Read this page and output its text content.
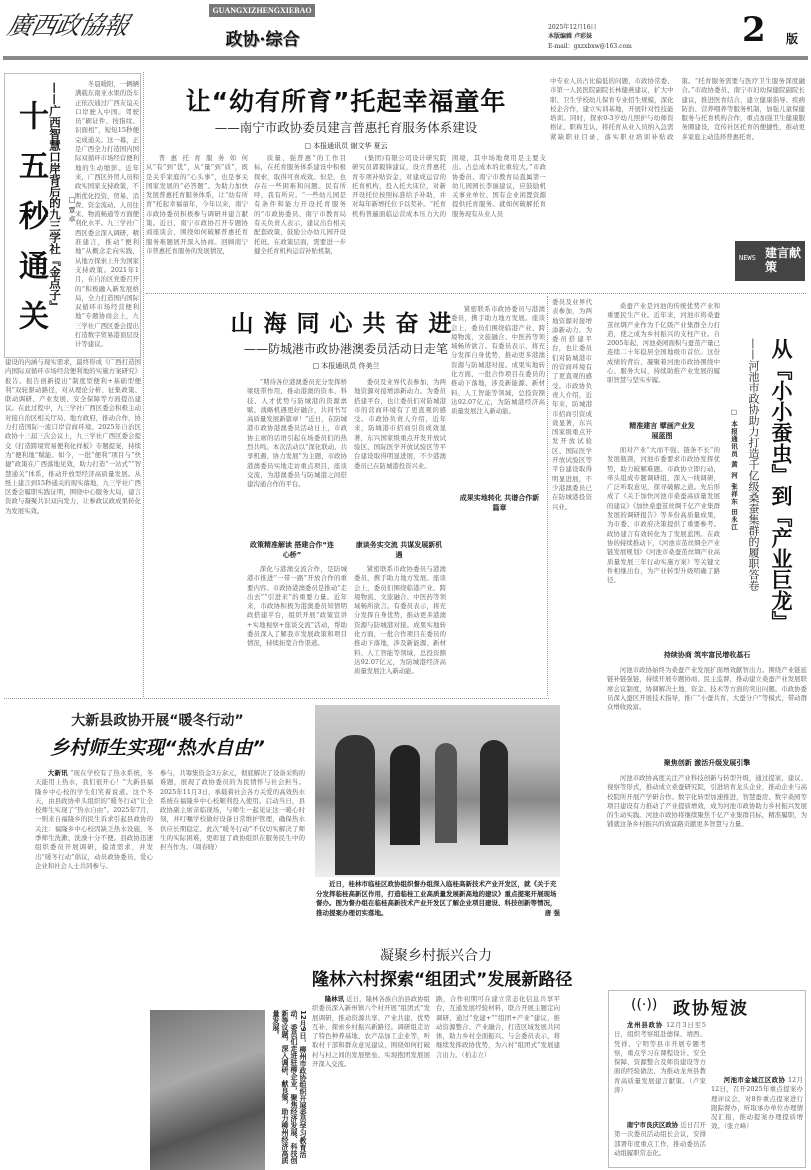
廣西政協報
GUANGXIZHENGXIEBAO
政协·综合
2025年12月16日
本版编辑 卢彩妹
E-mail：gxzxbxw@163.com	2 版
十五秒通关 ——广西智慧口岸背后的九三学社『金点子』 □ 覃 卓
冬晨暖阳，一辆辆满载东南亚水果的货车正依次通过广西友谊关口岸驶入中国。驾驶员“刷证件、按指纹、识面相”，短短15秒便完成通关。这一幕，正是广西全力打造国内国际双循环市场经营便利地的生动缩影。近年来，广西区外贸人员和政实国家支持政策，不断优化投资、贸易、消费、资金流动、人员往来、物流畅通等方面便利化水平。九三学社广西区委会深入调研，精准建言，推动“便利地”从概念走向实践，从地方探索上升为国家支持政策。2021年1月，在自治区党委召开的“积极融入新发展格局，全力打造国内国际双循环市场经营便利地”专题协商会上，九三学社广西区委会提出打造数字贸易港顶层设计等建议。
建设的内涵与现实需求，最终形成《广西打造国内国际双循环市场经营便利地的实施方案研究》报告。报告创新提出“制度型便利+基础型便利”双轮驱动路径，对从理论分析、征集政策、联动调研、产业发展、安全保障等方面提出建议。在此过程中，九三学社广西区委会积极主动对接自治区相关厅局、地方政府，推动合作，协力打造国际一流口岸营商环境。2025年自治区政协十三届三次会议上，九三学社广西区委会提交《打造跨境贸易便利化样板》专题提案，持续为“便利地”赋能。如今，一批“便利”项目与“快捷”政策在广西落地见效，助力打造“一站式”“智慧通关”体系，推动开放型经济高质量发展。从纸上建言到15秒通关的现实落地，九三学社广西区委会履职实践证明，围绕中心服务大局，建言资政与凝聚共识双向发力，让参政议政成果转化为发展实效。
让“幼有所育”托起幸福童年
——南宁市政协委员建言普惠托育服务体系建设
□ 本报通讯员 谢文华 夏云
普惠托育服务如何从“有”到“优”，从“量”到“质”，既是关乎家庭的“心头事”，也是事关国家发展的“必答题”。为助力加快发展普惠托育服务体系，让“幼有所育”托起幸福童年，今年以来，南宁市政协委员积极参与调研并建言献策。近日，南宁市政协召开专题协商座谈会，围绕如何破解普惠托育服务难题展开深入协商。回顾南宁市普惠托育服务的发展情况，
质量、强普惠”的工作目标，在托育服务体系建设中积极探索，取得可喜成效。但是，也存在一些困难和问题。民有所呼，我有所应。“一些幼儿园是有条件和能力开设托育服务的”市政协委员、南宁市教育局有关负责人表示，建议出台相关配套政策，鼓励公办幼儿园开设托班。在政策层面，需要进一步健全托育机构运营补贴机制，
(集团)有限公司设计研究院研究员郭毅锋建议，设立普惠托育专项补贴资金，对建成运营的托育机构，投入托大床位，对新开设托位按照标准给予补助，并对每年新增托位予以奖补。“托育机构普遍面临运营成本压力大的困境，其中场地费用是主要支出。占总成本的比重较大。”市政协委员、南宁市教育局直属第一幼儿园园长李丽建议，应鼓励机关事业单位、国有企业闲置资源提供托育服务。就如何破解托育服务现有从业人员
中专业人员占比偏低的问题，市政协常委、市第一人民医院副院长林健燕建议，扩大中职、卫生学校幼儿保育专业招生规模，深化校企合作，建立实训基地，开展针对性技能培训。同时，探索0-3岁幼儿照护与幼师资格证、职称互认，将托育从业人员纳入急需紧缺职业目录，落实职业培训补贴政策。“托育服务需要与医疗卫生服务深度融合。”市政协委员、南宁市妇幼保健院副院长建议，推进医育结合，建立健康指导、疾病防治、营养喂养等服务机制，加强儿童保健服务与托育机构合作，重点加强卫生健康服务圈建设，宣传社区托育的便捷性，推动更多家庭主动选择普惠托育。
NEWS 建言献策
山海同心共奋进
——防城港市政协港澳委员活动日走笔
□ 本报通讯员 佟美兰
“期待各位港澳委员充分发挥桥梁纽带作用，推动港澳的资本、科技、人才优势与防城港的资源禀赋、战略机遇更好融合，共同书写高质量发展新篇章！”近日，在防城港市政协港澳委员活动日上，市政协主席的话语引起在场委员们的热烈共鸣。本次活动以“深化联动、共享机遇、协力发展”为主题，市政协港澳委员实地走访重点项目、座谈交流，为港澳委员与防城港之间搭建沟通合作的平台。
委员及业界代表参加，为两地资源对接增添新动力。为委员搭建平台，也让委员们对防城港市的营商环境有了更直观的感受。市政协负责人介绍，近年来，防城港市招商引资成效显著，东兴国家级重点开发开放试验区、国际医学开放试验区等平台建设取得明显进展，不少港澳委员已在防城港投资兴业。
紧密联系市政协委员与港澳委员，携手助力地方发展。座谈会上，委员们围绕临港产业、跨境物流、文旅融合、中医药等领域畅所欲言。有委员表示，将充分发挥自身优势，推动更多港澳资源与防城港对接。成果实地转化方面，一批合作项目在委员的推动下落地，涉及新能源、新材料、人工智能等领域，总投资额达92.07亿元，为防城港经济高质量发展注入新动能。
政策精准解读 搭建合作“连心桥”
深化与港澳交流合作，是防城港市推进“一带一路”开放合作的重要内容。市政协港澳委员是推动“走出去”“引进来”的重要力量。近年来，市政协积极为港澳委员知情明政搭建平台，组织开展“政策宣讲+实地视察+座谈交流”活动，帮助委员深入了解我市发展政策和项目情况，持续拓宽合作渠道。
成果实地转化 共谱合作新篇章
康谈务实交流 共谋发展新机遇
紧密联系市政协委员与港澳委员，携手助力地方发展。座谈会上，委员们围绕临港产业、跨境物流、文旅融合、中医药等领域畅所欲言。有委员表示，将充分发挥自身优势，推动更多港澳资源与防城港对接。成果实地转化方面，一批合作项目在委员的推动下落地，涉及新能源、新材料、人工智能等领域，总投资额达92.07亿元，为防城港经济高质量发展注入新动能。
委员及业界代表参加，为两地资源对接增添新动力。为委员搭建平台，也让委员们对防城港市的营商环境有了更直观的感受。市政协负责人介绍，近年来，防城港市招商引资成效显著，东兴国家级重点开发开放试验区、国际医学开放试验区等平台建设取得明显进展，不少港澳委员已在防城港投资兴业。
桑蚕产业是河池的传统优势产业和重要民生产业。近年来，河池市将桑蚕茧丝绸产业作为千亿级产业集群全力打造，使之成为乡村振兴的支柱产业。自2005年起，河池桑园面积与蚕茧产量已连续二十年稳居全国地级市首位。这份成绩的背后，凝聚着河池市政协围绕中心、服务大局，持续助推产业发展的履职智慧与坚实步履。
精准建言 擘画产业发展蓝图
面对产业“大而不强、链条不长”的发展瓶颈，河池市委要求市政协发挥优势，助力破解难题。市政协立即行动，牵头组成专题调研组，深入一线调研，广泛听取意见，探寻破解之道。先后形成了《关于加快河池市桑蚕高质量发展的建议》《加快桑蚕茧丝绸千亿产业集群发展的调研报告》等多份高质量成果，为市委、市政府决策提供了重要参考。政协建言有效转化为了发展蓝图。在政协的持续推动下，《河池市茧丝绸全产业链发展规划》《河池市桑蚕茧丝绸产业高质量发展三年行动实施方案》等关键文件相继出台，为产业转型升级明确了路径。	从『小小蚕虫』到『产业巨龙』
——河池市政协助力打造千亿级桑蚕集群的履职答卷
□ 本报通讯员 黄 河 张祥东 田永江
持续协商 筑牢富民增收基石
河池市政协始终为桑蚕产业发展扩面增效献智出力。围绕产业链延链补链强链，持续开展专题协商、民主监督，推动建立桑蚕产业发展联席会议制度，协调解决土地、资金、技术等方面的突出问题。市政协委员深入蚕区开展技术指导，推广“小蚕共育、大蚕分户”等模式，带动群众增收致富。
聚焦创新 激活升级发展引擎
河池市政协高度关注产业科技创新与转型升级，通过提案、建议、视察等形式，推动成立桑蚕研究院，引进培育龙头企业，推动企业与高校院所开展产学研合作。数字化转型加速推进，智慧蚕房、数字桑园等项目建设有力推动了产业提质增效，成为河池市政协助力乡村振兴发展的生动实践。河池市政协将继续聚焦千亿产业集群目标，精准履职，为铺就这条乡村振兴的致富路贡献更多智慧与力量。
大新县政协开展“暖冬行动”
乡村师生实现“热水自由”
大新讯 “现在学校有了热水系统，冬天能用上热水，我们很开心！”大新县福隆乡中心校的学生们笑着说道。这个冬天，由县政协牵头组织的“暖冬行动”让全校师生实现了“热水自由”。2025年7月，一则来自福隆乡的民生诉求引起县政协的关注：福隆乡中心校因缺乏热水设施，冬季师生洗漱、洗澡十分不便。县政协迅速组织委员开展调研，摸清需求，并发出“暖冬行动”倡议，动员政协委员、爱心企业和社会人士共同参与。
参与，共筹集资金3万余元，彻底解决了设备采购的难题，展现了政协委员的为民情怀与社会担当。2025年11月3日，承载着社会各方关爱的高效热水系统在福隆乡中心校顺利投入使用。启动当日，县政协副主席亲临现场，与师生一起见证这一暖心时刻，并叮嘱学校做好设备日常维护管理，确保热水供应长期稳定。此次“暖冬行动”不仅切实解决了师生的实际困难，更彰显了政协组织在服务民生中的担当作为。（周春晓）
12月9日，柳州市政协组织开展委员学习教育活动，委员们走进驻柳企业，聚焦经济发展、科技创新等议题，深入调研、献良策，助力柳州经济高质量发展。
近日，桂林市临桂区政协组织督办组深入临桂高新技术产业开发区，就《关于充分发挥临桂高新区作用，打造临桂工业高质量发展新高地的建议》重点提案开展现场督办。图为督办组在临桂高新技术产业开发区了解企业项目建设、科技创新等情况，推动提案办理切实落地。	唐 强
凝聚乡村振兴合力
隆林六村探索“组团式”发展新路径
隆林讯 近日，隆林各族自治县政协组织委员深入新州镇六个村开展“组团式”发展调研，推动资源共享、产业共建、优势互补，探索乡村振兴新路径。调研组走访了特色种养基地、农产品加工企业等，听取村干部和群众意见建议，围绕如何打破村与村之间的发展壁垒、实现抱团发展展开深入交流。
路，合作初期可在建立常态化信息共享平台，互通发展经验材料，联合开展主题定向调研，通过“党建+”“组团+产业”建议，推动资源整合、产业融合，打造区域发展共同体，助力乡村全面振兴。与会委员表示，将继续发挥政协优势，为六村“组团式”发展建言出力。（柏志立）
((·)) 政协短波
龙州县政协 12月3日至5日，组织考察组赴德保、靖西、凭祥、宁明等县市开展专题考察，重点学习在课程设计、安全保障、资源整合及师资建设等方面的经验做法，为推动龙州县教育高质量发展建言献策。（卢家涛）
南宁市良庆区政协 近日召开第一次委员活动组长会议，安排部署年度重点工作，推动委员活动组履职常态化。
河池市金城江区政协 12月12日，召开2025年重点提案办理评议会，对8件重点提案进行跟踪督办，听取承办单位办理情况汇报，推动提案办理提质增效。（张立峰）
